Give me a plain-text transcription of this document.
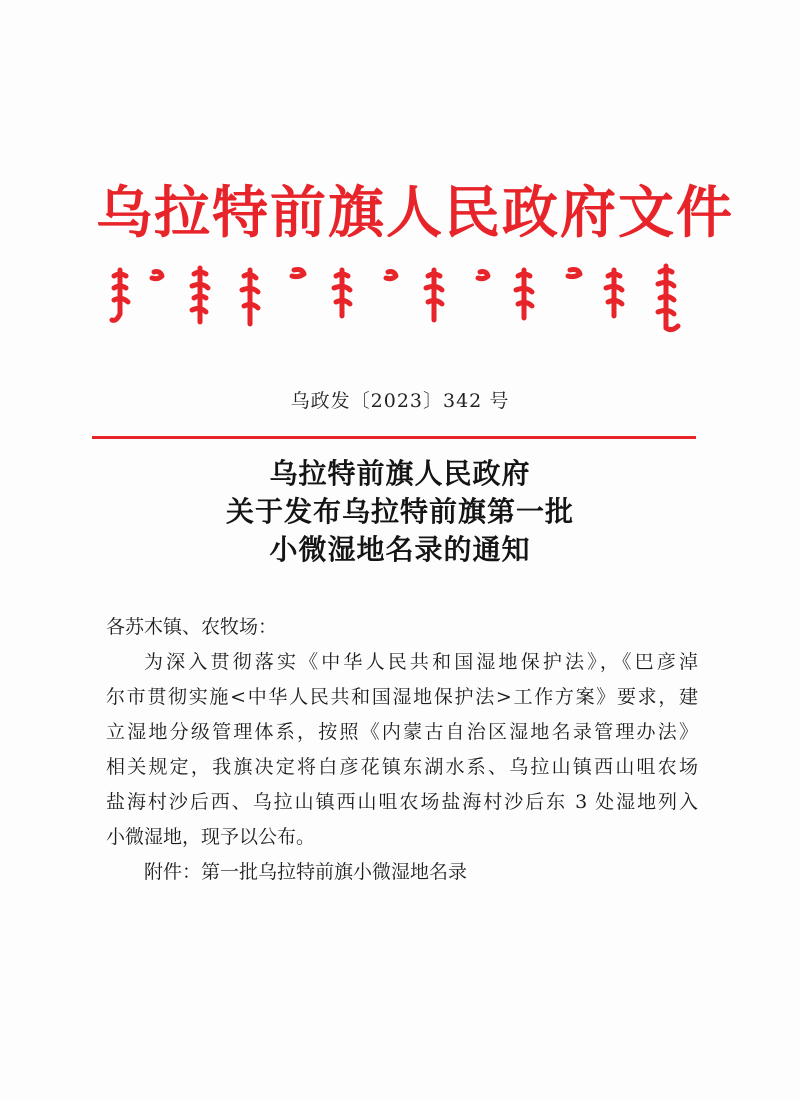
乌拉特前旗人民政府文件
乌政发〔2023〕342 号
乌拉特前旗人民政府
关于发布乌拉特前旗第一批
小微湿地名录的通知
各苏木镇、农牧场：
为深入贯彻落实《中华人民共和国湿地保护法》，《巴彦淖
尔市贯彻实施<中华人民共和国湿地保护法>工作方案》要求，建
立湿地分级管理体系，按照《内蒙古自治区湿地名录管理办法》
相关规定，我旗决定将白彦花镇东湖水系、乌拉山镇西山咀农场
盐海村沙后西、乌拉山镇西山咀农场盐海村沙后东 3 处湿地列入
小微湿地，现予以公布。
附件：第一批乌拉特前旗小微湿地名录
